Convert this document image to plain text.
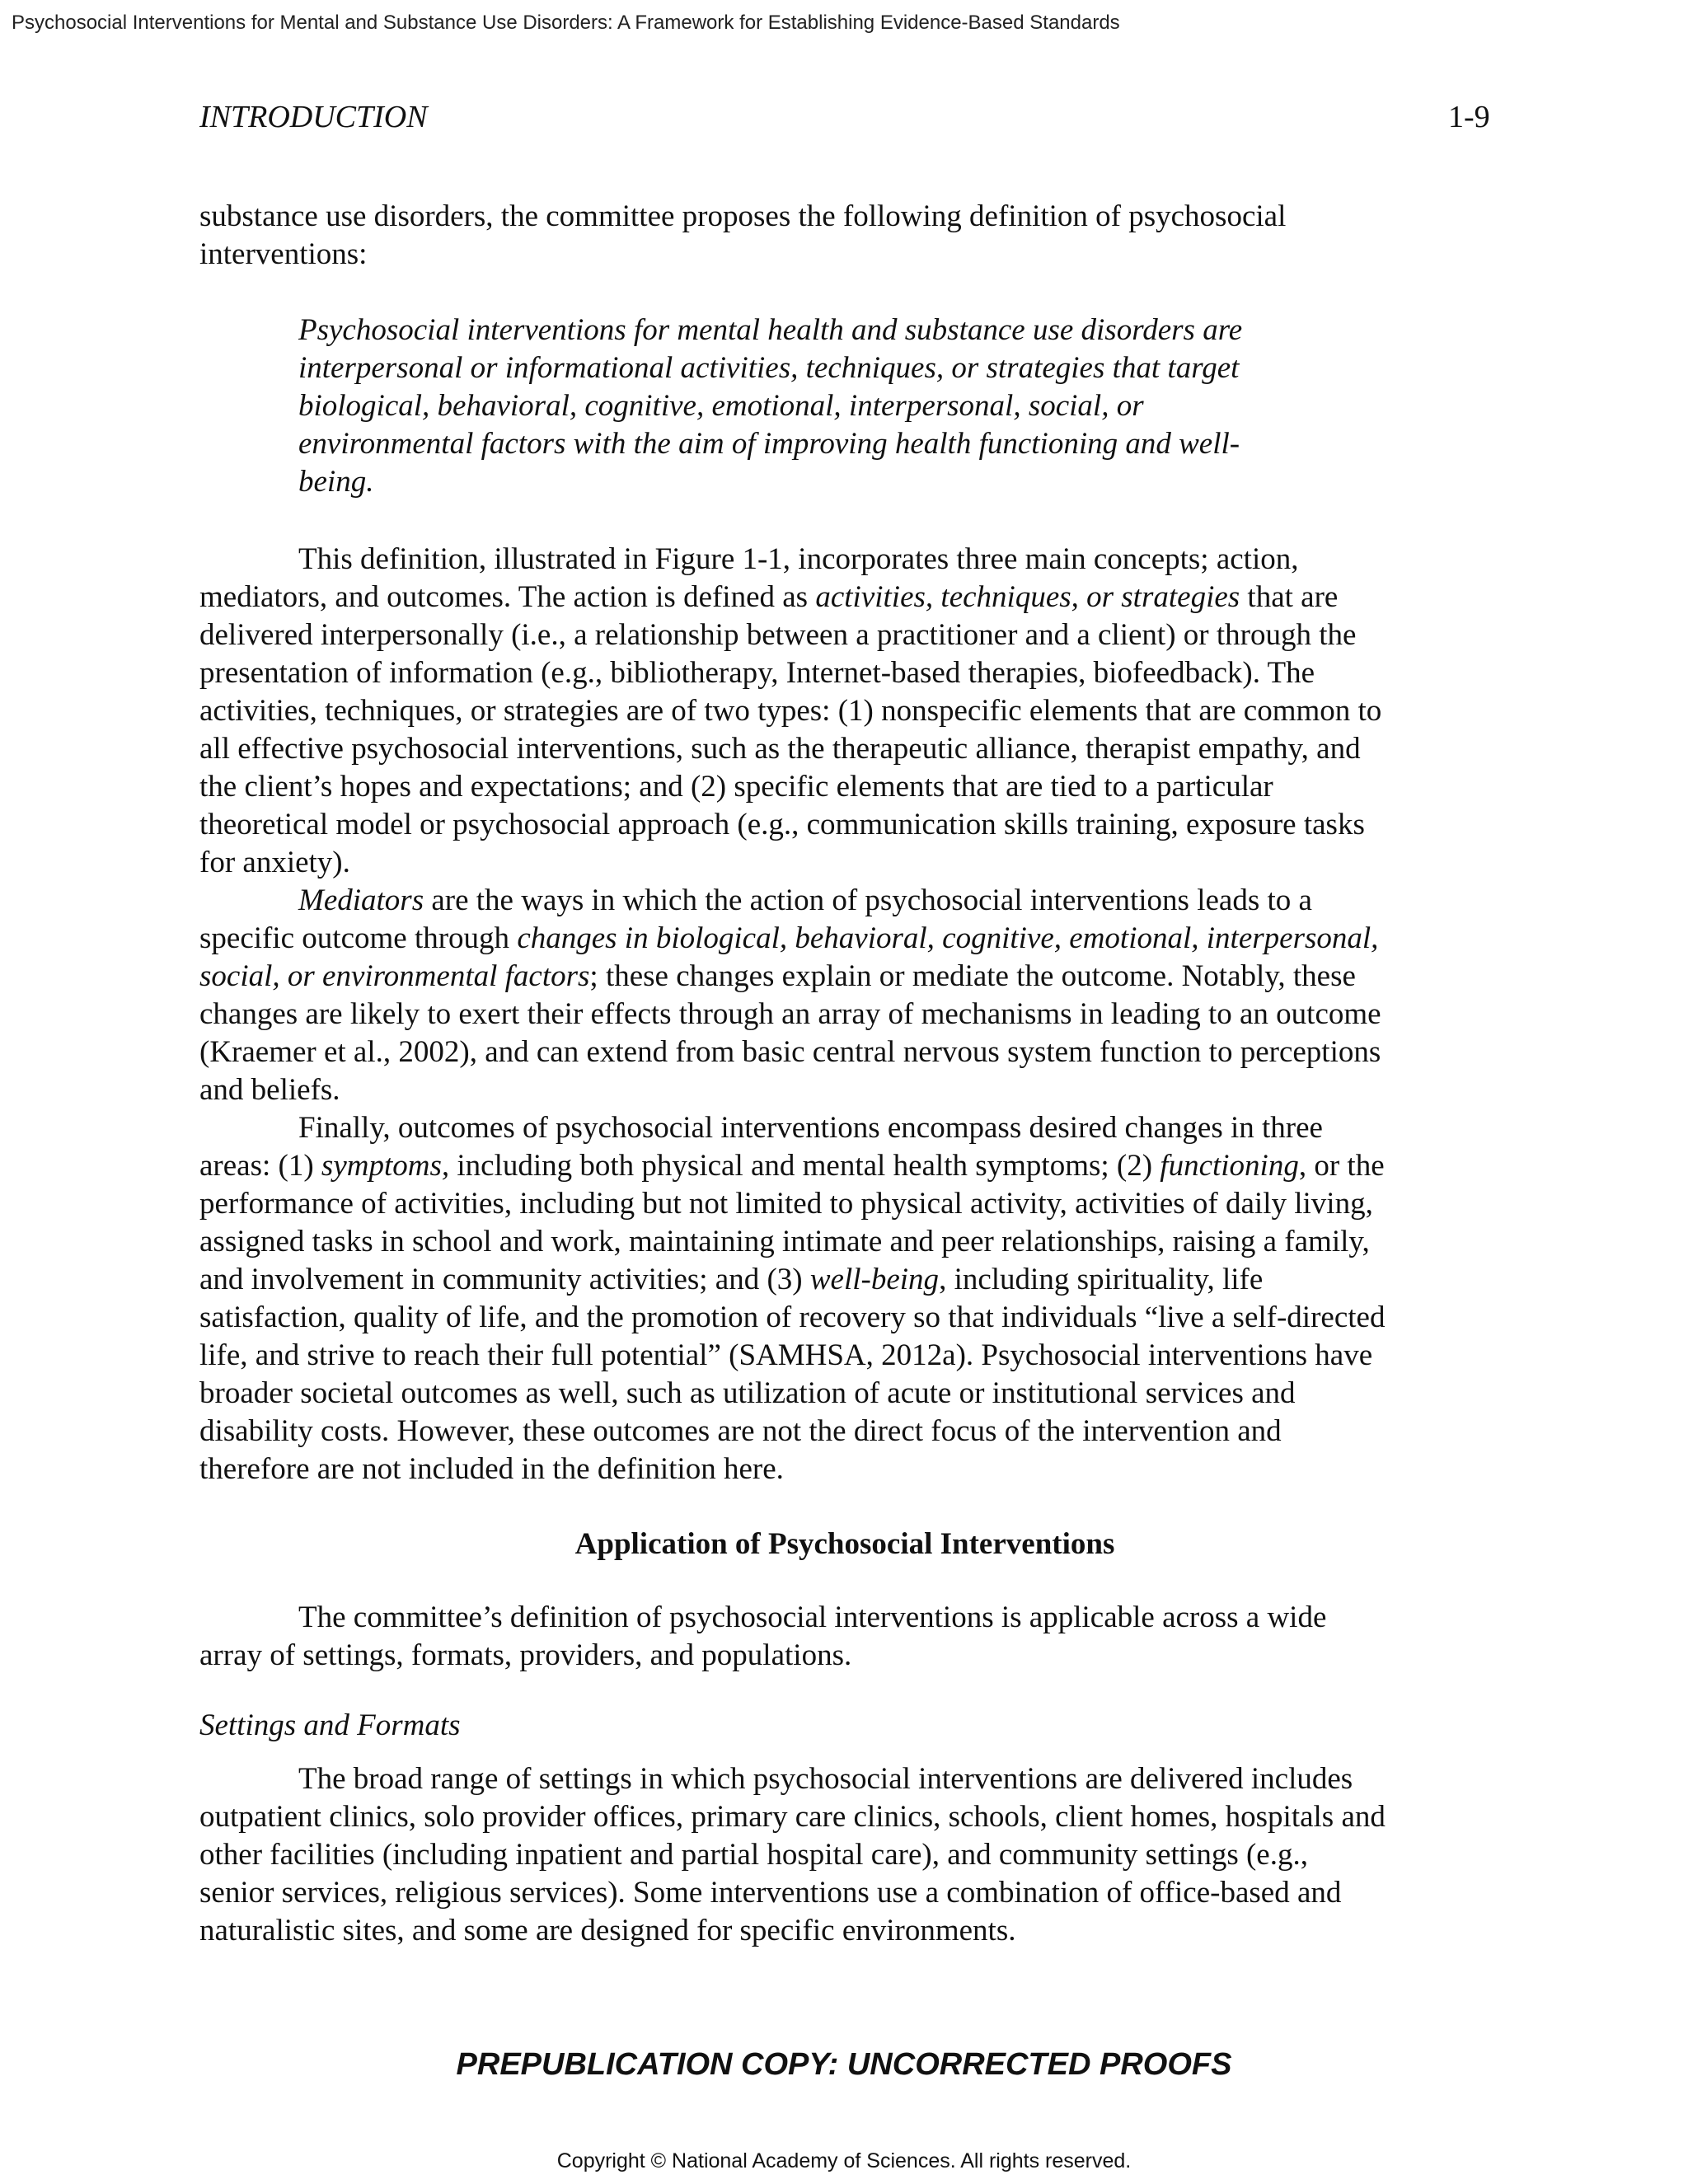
Psychosocial Interventions for Mental and Substance Use Disorders: A Framework for Establishing Evidence-Based Standards
INTRODUCTION	1-9
substance use disorders, the committee proposes the following definition of psychosocial
interventions:
Psychosocial interventions for mental health and substance use disorders are
interpersonal or informational activities, techniques, or strategies that target
biological, behavioral, cognitive, emotional, interpersonal, social, or
environmental factors with the aim of improving health functioning and well-
being.
This definition, illustrated in Figure 1-1, incorporates three main concepts; action,
mediators, and outcomes. The action is defined as activities, techniques, or strategies that are
delivered interpersonally (i.e., a relationship between a practitioner and a client) or through the
presentation of information (e.g., bibliotherapy, Internet-based therapies, biofeedback). The
activities, techniques, or strategies are of two types: (1) nonspecific elements that are common to
all effective psychosocial interventions, such as the therapeutic alliance, therapist empathy, and
the client’s hopes and expectations; and (2) specific elements that are tied to a particular
theoretical model or psychosocial approach (e.g., communication skills training, exposure tasks
for anxiety).
Mediators are the ways in which the action of psychosocial interventions leads to a
specific outcome through changes in biological, behavioral, cognitive, emotional, interpersonal,
social, or environmental factors; these changes explain or mediate the outcome. Notably, these
changes are likely to exert their effects through an array of mechanisms in leading to an outcome
(Kraemer et al., 2002), and can extend from basic central nervous system function to perceptions
and beliefs.
Finally, outcomes of psychosocial interventions encompass desired changes in three
areas: (1) symptoms, including both physical and mental health symptoms; (2) functioning, or the
performance of activities, including but not limited to physical activity, activities of daily living,
assigned tasks in school and work, maintaining intimate and peer relationships, raising a family,
and involvement in community activities; and (3) well-being, including spirituality, life
satisfaction, quality of life, and the promotion of recovery so that individuals “live a self-directed
life, and strive to reach their full potential” (SAMHSA, 2012a). Psychosocial interventions have
broader societal outcomes as well, such as utilization of acute or institutional services and
disability costs. However, these outcomes are not the direct focus of the intervention and
therefore are not included in the definition here.
Application of Psychosocial Interventions
The committee’s definition of psychosocial interventions is applicable across a wide
array of settings, formats, providers, and populations.
Settings and Formats
The broad range of settings in which psychosocial interventions are delivered includes
outpatient clinics, solo provider offices, primary care clinics, schools, client homes, hospitals and
other facilities (including inpatient and partial hospital care), and community settings (e.g.,
senior services, religious services). Some interventions use a combination of office-based and
naturalistic sites, and some are designed for specific environments.
PREPUBLICATION COPY: UNCORRECTED PROOFS
Copyright © National Academy of Sciences. All rights reserved.
